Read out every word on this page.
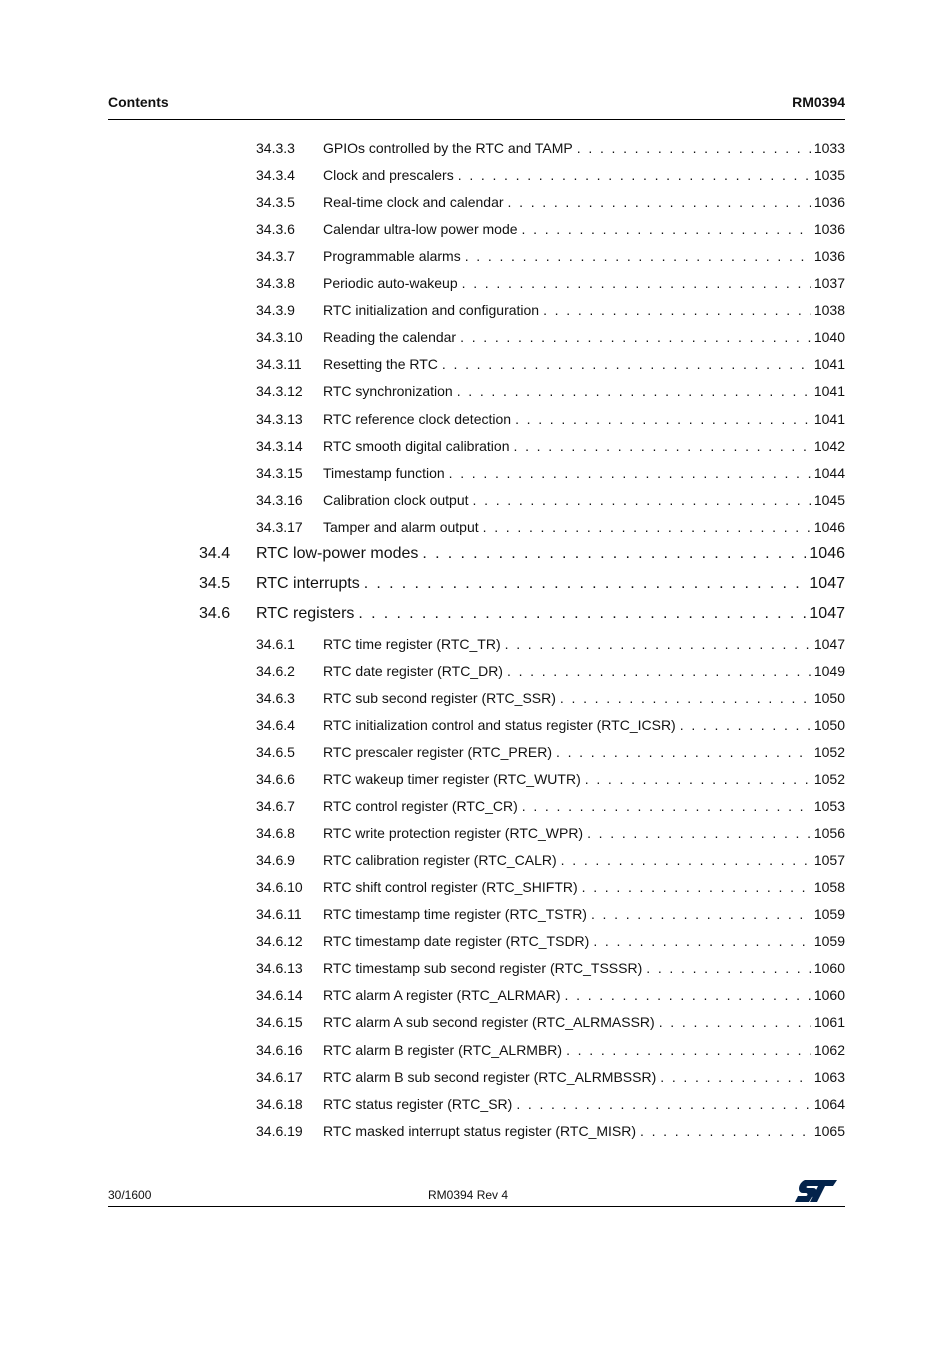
Contents	RM0394
34.3.3 GPIOs controlled by the RTC and TAMP . . .	1033
34.3.4 Clock and prescalers . . .	1035
34.3.5 Real-time clock and calendar . . .	1036
34.3.6 Calendar ultra-low power mode . . .	1036
34.3.7 Programmable alarms . . .	1036
34.3.8 Periodic auto-wakeup . . .	1037
34.3.9 RTC initialization and configuration . . .	1038
34.3.10 Reading the calendar . . .	1040
34.3.11 Resetting the RTC . . .	1041
34.3.12 RTC synchronization . . .	1041
34.3.13 RTC reference clock detection . . .	1041
34.3.14 RTC smooth digital calibration . . .	1042
34.3.15 Timestamp function . . .	1044
34.3.16 Calibration clock output . . .	1045
34.3.17 Tamper and alarm output . . .	1046
34.4 RTC low-power modes . . .	1046
34.5 RTC interrupts . . .	1047
34.6 RTC registers . . .	1047
34.6.1 RTC time register (RTC_TR) . . .	1047
34.6.2 RTC date register (RTC_DR) . . .	1049
34.6.3 RTC sub second register (RTC_SSR) . . .	1050
34.6.4 RTC initialization control and status register (RTC_ICSR) . . .	1050
34.6.5 RTC prescaler register (RTC_PRER) . . .	1052
34.6.6 RTC wakeup timer register (RTC_WUTR) . . .	1052
34.6.7 RTC control register (RTC_CR) . . .	1053
34.6.8 RTC write protection register (RTC_WPR) . . .	1056
34.6.9 RTC calibration register (RTC_CALR) . . .	1057
34.6.10 RTC shift control register (RTC_SHIFTR) . . .	1058
34.6.11 RTC timestamp time register (RTC_TSTR) . . .	1059
34.6.12 RTC timestamp date register (RTC_TSDR) . . .	1059
34.6.13 RTC timestamp sub second register (RTC_TSSSR) . . .	1060
34.6.14 RTC alarm A register (RTC_ALRMAR) . . .	1060
34.6.15 RTC alarm A sub second register (RTC_ALRMASSR) . . .	1061
34.6.16 RTC alarm B register (RTC_ALRMBR) . . .	1062
34.6.17 RTC alarm B sub second register (RTC_ALRMBSSR) . . .	1063
34.6.18 RTC status register (RTC_SR) . . .	1064
34.6.19 RTC masked interrupt status register (RTC_MISR) . . .	1065
30/1600	RM0394 Rev 4
